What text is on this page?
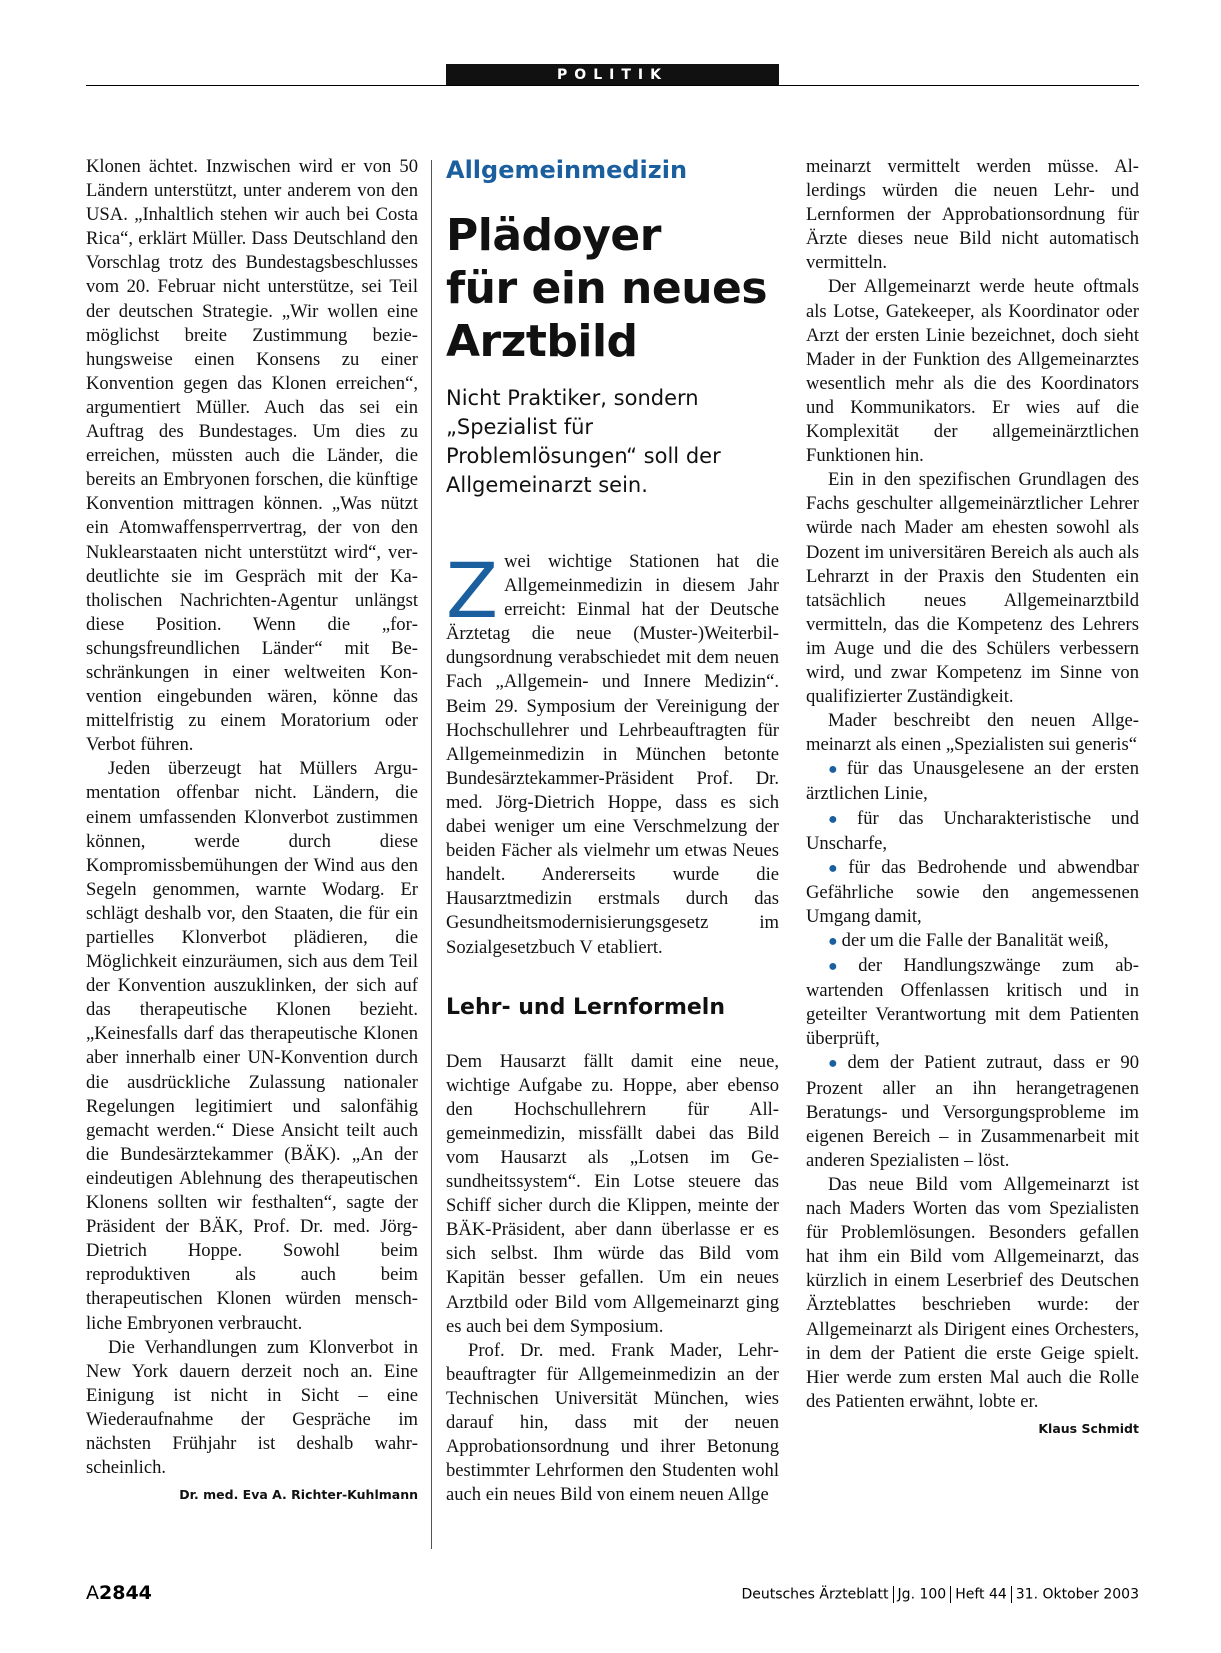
POLITIK

Klonen ächtet. Inzwischen wird er von 50 Ländern unterstützt, unter anderem von den USA. „Inhaltlich stehen wir auch bei Costa Rica“, erklärt Müller. Dass Deutschland den Vorschlag trotz des Bundestagsbeschlusses vom 20. Februar nicht unterstütze, sei Teil der deutschen Strategie. „Wir wollen eine möglichst breite Zustimmung beziehungsweise einen Konsens zu einer Konvention gegen das Klonen erreichen“, argumentiert Müller. Auch das sei ein Auftrag des Bundestages. Um dies zu erreichen, müssten auch die Länder, die bereits an Embryonen forschen, die künftige Konvention mittragen können. „Was nützt ein Atomwaffensperrvertrag, der von den Nuklearstaaten nicht unterstützt wird“, verdeutlichte sie im Gespräch mit der Katholischen Nachrichten-Agentur unlängst diese Position. Wenn die „forschungsfreundlichen Länder“ mit Beschränkungen in einer weltweiten Konvention eingebunden wären, könne das mittelfristig zu einem Moratorium oder Verbot führen.

Jeden überzeugt hat Müllers Argumentation offenbar nicht. Ländern, die einem umfassenden Klonverbot zustimmen können, werde durch diese Kompromissbemühungen der Wind aus den Segeln genommen, warnte Wodarg. Er schlägt deshalb vor, den Staaten, die für ein partielles Klonverbot plädieren, die Möglichkeit einzuräumen, sich aus dem Teil der Konvention auszuklinken, der sich auf das therapeutische Klonen bezieht. „Keinesfalls darf das therapeutische Klonen aber innerhalb einer UN-Konvention durch die ausdrückliche Zulassung nationaler Regelungen legitimiert und salonfähig gemacht werden.“ Diese Ansicht teilt auch die Bundesärztekammer (BÄK). „An der eindeutigen Ablehnung des therapeutischen Klonens sollten wir festhalten“, sagte der Präsident der BÄK, Prof. Dr. med. Jörg-Dietrich Hoppe. Sowohl beim reproduktiven als auch beim therapeutischen Klonen würden menschliche Embryonen verbraucht.

Die Verhandlungen zum Klonverbot in New York dauern derzeit noch an. Eine Einigung ist nicht in Sicht – eine Wiederaufnahme der Gespräche im nächsten Frühjahr ist deshalb wahrscheinlich.
Dr. med. Eva A. Richter-Kuhlmann

Allgemeinmedizin
Plädoyer
für ein neues
Arztbild
Nicht Praktiker, sondern „Spezialist für Problemlösungen“ soll der Allgemeinarzt sein.

Zwei wichtige Stationen hat die Allgemeinmedizin in diesem Jahr erreicht: Einmal hat der Deutsche Ärztetag die neue (Muster-)Weiterbildungsordnung verabschiedet mit dem neuen Fach „Allgemein- und Innere Medizin“. Beim 29. Symposium der Vereinigung der Hochschullehrer und Lehrbeauftragten für Allgemeinmedizin in München betonte Bundesärztekammer-Präsident Prof. Dr. med. Jörg-Dietrich Hoppe, dass es sich dabei weniger um eine Verschmelzung der beiden Fächer als vielmehr um etwas Neues handelt. Andererseits wurde die Hausarztmedizin erstmals durch das Gesundheitsmodernisierungsgesetz im Sozialgesetzbuch V etabliert.

Lehr- und Lernformeln

Dem Hausarzt fällt damit eine neue, wichtige Aufgabe zu. Hoppe, aber ebenso den Hochschullehrern für Allgemeinmedizin, missfällt dabei das Bild vom Hausarzt als „Lotsen im Gesundheitssystem“. Ein Lotse steuere das Schiff sicher durch die Klippen, meinte der BÄK-Präsident, aber dann überlasse er es sich selbst. Ihm würde das Bild vom Kapitän besser gefallen. Um ein neues Arztbild oder Bild vom Allgemeinarzt ging es auch bei dem Symposium.

Prof. Dr. med. Frank Mader, Lehrbeauftragter für Allgemeinmedizin an der Technischen Universität München, wies darauf hin, dass mit der neuen Approbationsordnung und ihrer Betonung bestimmter Lehrformen den Studenten wohl auch ein neues Bild von einem neuen Allge

meinarzt vermittelt werden müsse. Allerdings würden die neuen Lehr- und Lernformen der Approbationsordnung für Ärzte dieses neue Bild nicht automatisch vermitteln.

Der Allgemeinarzt werde heute oftmals als Lotse, Gatekeeper, als Koordinator oder Arzt der ersten Linie bezeichnet, doch sieht Mader in der Funktion des Allgemeinarztes wesentlich mehr als die des Koordinators und Kommunikators. Er wies auf die Komplexität der allgemeinärztlichen Funktionen hin.

Ein in den spezifischen Grundlagen des Fachs geschulter allgemeinärztlicher Lehrer würde nach Mader am ehesten sowohl als Dozent im universitären Bereich als auch als Lehrarzt in der Praxis den Studenten ein tatsächlich neues Allgemeinarztbild vermitteln, das die Kompetenz des Lehrers im Auge und die des Schülers verbessern wird, und zwar Kompetenz im Sinne von qualifizierter Zuständigkeit.

Mader beschreibt den neuen Allgemeinarzt als einen „Spezialisten sui generis“

● für das Unausgelesene an der ersten ärztlichen Linie,

● für das Uncharakteristische und Unscharfe,

● für das Bedrohende und abwendbar Gefährliche sowie den angemessenen Umgang damit,

● der um die Falle der Banalität weiß,

● der Handlungszwänge zum abwartenden Offenlassen kritisch und in geteilter Verantwortung mit dem Patienten überprüft,

● dem der Patient zutraut, dass er 90 Prozent aller an ihn herangetragenen Beratungs- und Versorgungsprobleme im eigenen Bereich – in Zusammenarbeit mit anderen Spezialisten – löst.

Das neue Bild vom Allgemeinarzt ist nach Maders Worten das vom Spezialisten für Problemlösungen. Besonders gefallen hat ihm ein Bild vom Allgemeinarzt, das kürzlich in einem Leserbrief des Deutschen Ärzteblattes beschrieben wurde: der Allgemeinarzt als Dirigent eines Orchesters, in dem der Patient die erste Geige spielt. Hier werde zum ersten Mal auch die Rolle des Patienten erwähnt, lobte er.
Klaus Schmidt

A2844	Deutsches Ärzteblatt Jg. 100 Heft 44 31. Oktober 2003
